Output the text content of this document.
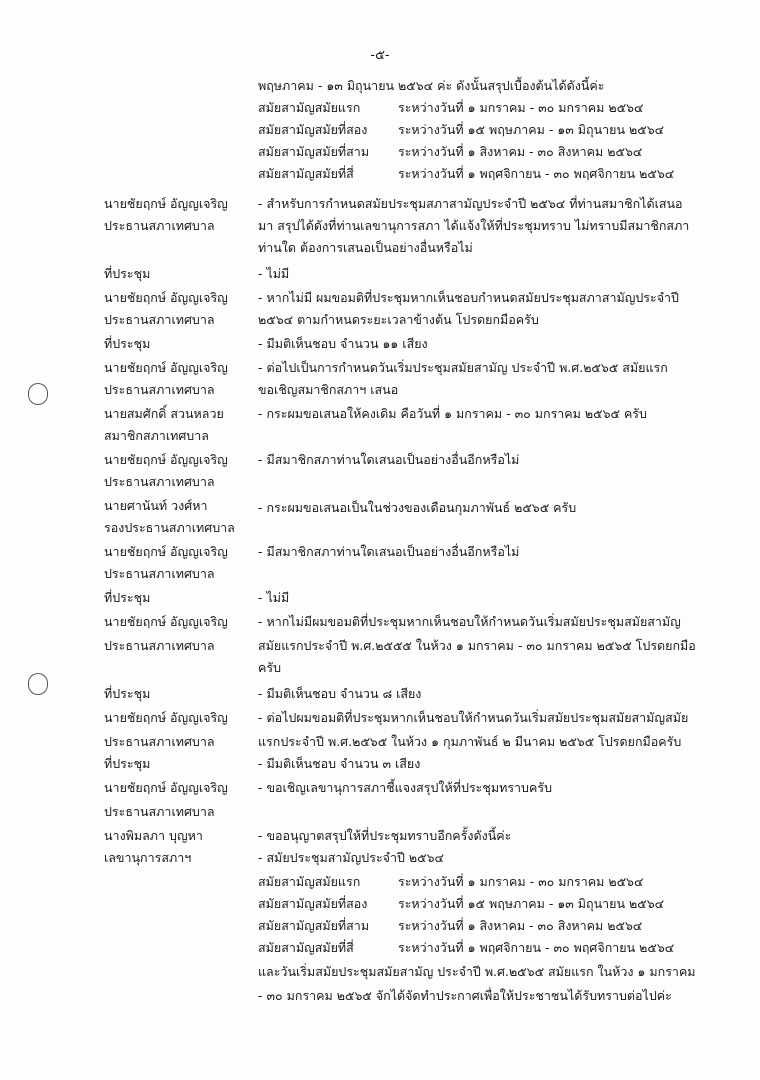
-๕-
พฤษภาคม - ๑๓ มิถุนายน ๒๕๖๔ ค่ะ ดังนั้นสรุปเบื้องต้นได้ดังนี้ค่ะ
สมัยสามัญสมัยแรก	ระหว่างวันที่ ๑ มกราคม - ๓๐ มกราคม ๒๕๖๔
สมัยสามัญสมัยที่สอง ระหว่างวันที่ ๑๕ พฤษภาคม - ๑๓ มิถุนายน ๒๕๖๔
สมัยสามัญสมัยที่สาม ระหว่างวันที่ ๑ สิงหาคม - ๓๐ สิงหาคม ๒๕๖๔
สมัยสามัญสมัยที่สี่	ระหว่างวันที่ ๑ พฤศจิกายน - ๓๐ พฤศจิกายน ๒๕๖๔
นายชัยฤกษ์ อัญญเจริญ - สำหรับการกำหนดสมัยประชุมสภาสามัญประจำปี ๒๕๖๔ ที่ท่านสมาชิกได้เสนอ
ประธานสภาเทศบาล	มา สรุปได้ดังที่ท่านเลขานุการสภา ได้แจ้งให้ที่ประชุมทราบ ไม่ทราบมีสมาชิกสภา
ท่านใด ต้องการเสนอเป็นอย่างอื่นหรือไม่
ที่ประชุม	- ไม่มี
นายชัยฤกษ์ อัญญเจริญ - หากไม่มี ผมขอมติที่ประชุมหากเห็นชอบกำหนดสมัยประชุมสภาสามัญประจำปี
ประธานสภาเทศบาล	๒๕๖๔ ตามกำหนดระยะเวลาข้างต้น โปรดยกมือครับ
ที่ประชุม	- มีมติเห็นชอบ จำนวน ๑๑ เสียง
นายชัยฤกษ์ อัญญเจริญ - ต่อไปเป็นการกำหนดวันเริ่มประชุมสมัยสามัญ ประจำปี พ.ศ.๒๕๖๕ สมัยแรก
ประธานสภาเทศบาล	ขอเชิญสมาชิกสภาฯ เสนอ
นายสมศักดิ์ สวนหลวย	- กระผมขอเสนอให้คงเดิม คือวันที่ ๑ มกราคม - ๓๐ มกราคม ๒๕๖๕ ครับ
สมาชิกสภาเทศบาล
นายชัยฤกษ์ อัญญเจริญ - มีสมาชิกสภาท่านใดเสนอเป็นอย่างอื่นอีกหรือไม่
ประธานสภาเทศบาล
นายศานันท์ วงศ์หา	- กระผมขอเสนอเป็นในช่วงของเดือนกุมภาพันธ์ ๒๕๖๕ ครับ
รองประธานสภาเทศบาล
นายชัยฤกษ์ อัญญเจริญ - มีสมาชิกสภาท่านใดเสนอเป็นอย่างอื่นอีกหรือไม่
ประธานสภาเทศบาล
ที่ประชุม	- ไม่มี
นายชัยฤกษ์ อัญญเจริญ - หากไม่มีผมขอมติที่ประชุมหากเห็นชอบให้กำหนดวันเริ่มสมัยประชุมสมัยสามัญ
ประธานสภาเทศบาล	สมัยแรกประจำปี พ.ศ.๒๕๕๕ ในห้วง ๑ มกราคม - ๓๐ มกราคม ๒๕๖๕ โปรดยกมือ
ครับ
ที่ประชุม	- มีมติเห็นชอบ จำนวน ๘ เสียง
นายชัยฤกษ์ อัญญเจริญ - ต่อไปผมขอมติที่ประชุมหากเห็นชอบให้กำหนดวันเริ่มสมัยประชุมสมัยสามัญสมัย
ประธานสภาเทศบาล	แรกประจำปี พ.ศ.๒๕๖๕ ในห้วง ๑ กุมภาพันธ์ ๒ มีนาคม ๒๕๖๕ โปรดยกมือครับ
ที่ประชุม	- มีมติเห็นชอบ จำนวน ๓ เสียง
นายชัยฤกษ์ อัญญเจริญ - ขอเชิญเลขานุการสภาชี้แจงสรุปให้ที่ประชุมทราบครับ
ประธานสภาเทศบาล
นางพิมลภา บุญหา	- ขออนุญาตสรุปให้ที่ประชุมทราบอีกครั้งดังนี้ค่ะ
เลขานุการสภาฯ	- สมัยประชุมสามัญประจำปี ๒๕๖๔
สมัยสามัญสมัยแรก	ระหว่างวันที่ ๑ มกราคม - ๓๐ มกราคม ๒๕๖๔
สมัยสามัญสมัยที่สอง ระหว่างวันที่ ๑๕ พฤษภาคม - ๑๓ มิถุนายน ๒๕๖๔
สมัยสามัญสมัยที่สาม ระหว่างวันที่ ๑ สิงหาคม - ๓๐ สิงหาคม ๒๕๖๔
สมัยสามัญสมัยที่สี่	ระหว่างวันที่ ๑ พฤศจิกายน - ๓๐ พฤศจิกายน ๒๕๖๔
และวันเริ่มสมัยประชุมสมัยสามัญ ประจำปี พ.ศ.๒๕๖๕ สมัยแรก ในห้วง ๑ มกราคม
- ๓๐ มกราคม ๒๕๖๕ จักได้จัดทำประกาศเพื่อให้ประชาชนได้รับทราบต่อไปค่ะ
